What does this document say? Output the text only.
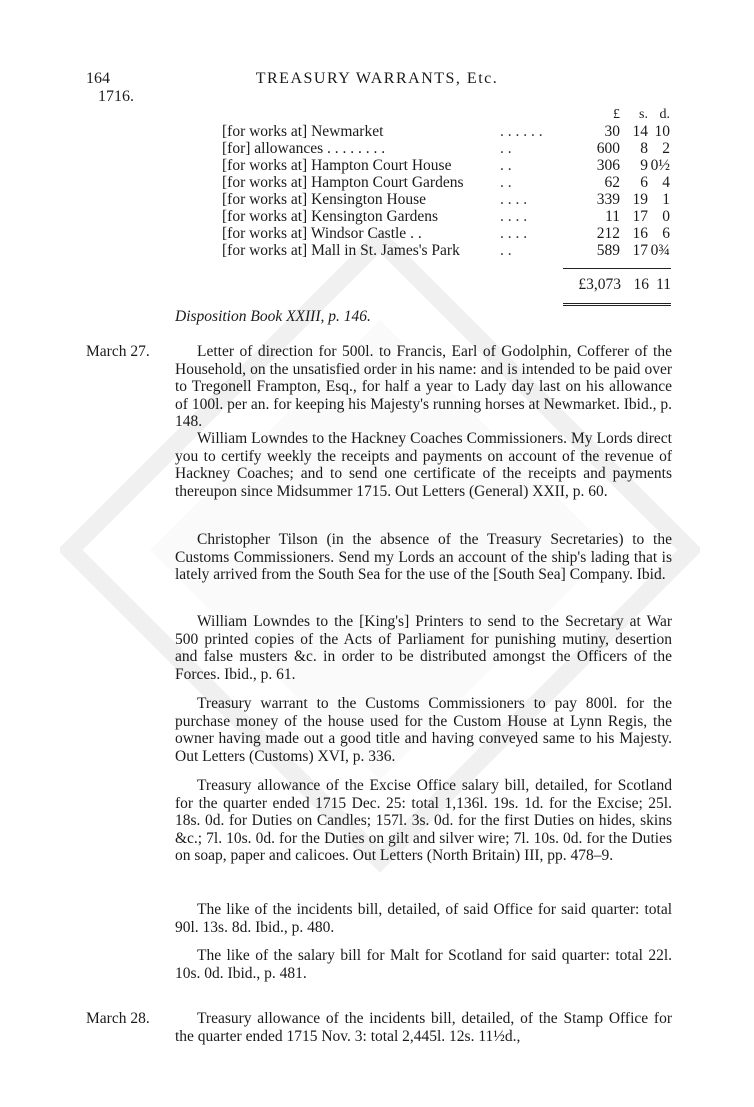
164	TREASURY WARRANTS, Etc.
1716.
		£	s.	d.
[for works at] Newmarket	. . . . . .	30	14	10
[for] allowances . . . . . . . .	. .	600	8	2
[for works at] Hampton Court House	. .	306	9	0½
[for works at] Hampton Court Gardens	. .	62	6	4
[for works at] Kensington House	. . . .	339	19	1
[for works at] Kensington Gardens	. . . .	11	17	0
[for works at] Windsor Castle . .	. . . .	212	16	6
[for works at] Mall in St. James's Park	. .	589	17	0¾
£3,073	16	11
Disposition Book XXIII, p. 146.
March 27.	Letter of direction for 500l. to Francis, Earl of Godolphin, Cofferer of the Household, on the unsatisfied order in his name: and is intended to be paid over to Tregonell Frampton, Esq., for half a year to Lady day last on his allowance of 100l. per an. for keeping his Majesty's running horses at Newmarket. Ibid., p. 148.

William Lowndes to the Hackney Coaches Commissioners. My Lords direct you to certify weekly the receipts and payments on account of the revenue of Hackney Coaches; and to send one certificate of the receipts and payments thereupon since Midsummer 1715. Out Letters (General) XXII, p. 60.

Christopher Tilson (in the absence of the Treasury Secretaries) to the Customs Commissioners. Send my Lords an account of the ship's lading that is lately arrived from the South Sea for the use of the [South Sea] Company. Ibid.

William Lowndes to the [King's] Printers to send to the Secretary at War 500 printed copies of the Acts of Parliament for punishing mutiny, desertion and false musters &c. in order to be distributed amongst the Officers of the Forces. Ibid., p. 61.

Treasury warrant to the Customs Commissioners to pay 800l. for the purchase money of the house used for the Custom House at Lynn Regis, the owner having made out a good title and having conveyed same to his Majesty. Out Letters (Customs) XVI, p. 336.

Treasury allowance of the Excise Office salary bill, detailed, for Scotland for the quarter ended 1715 Dec. 25: total 1,136l. 19s. 1d. for the Excise; 25l. 18s. 0d. for Duties on Candles; 157l. 3s. 0d. for the first Duties on hides, skins &c.; 7l. 10s. 0d. for the Duties on gilt and silver wire; 7l. 10s. 0d. for the Duties on soap, paper and calicoes. Out Letters (North Britain) III, pp. 478–9.

The like of the incidents bill, detailed, of said Office for said quarter: total 90l. 13s. 8d. Ibid., p. 480.

The like of the salary bill for Malt for Scotland for said quarter: total 22l. 10s. 0d. Ibid., p. 481.

March 28.	Treasury allowance of the incidents bill, detailed, of the Stamp Office for the quarter ended 1715 Nov. 3: total 2,445l. 12s. 11½d.,
